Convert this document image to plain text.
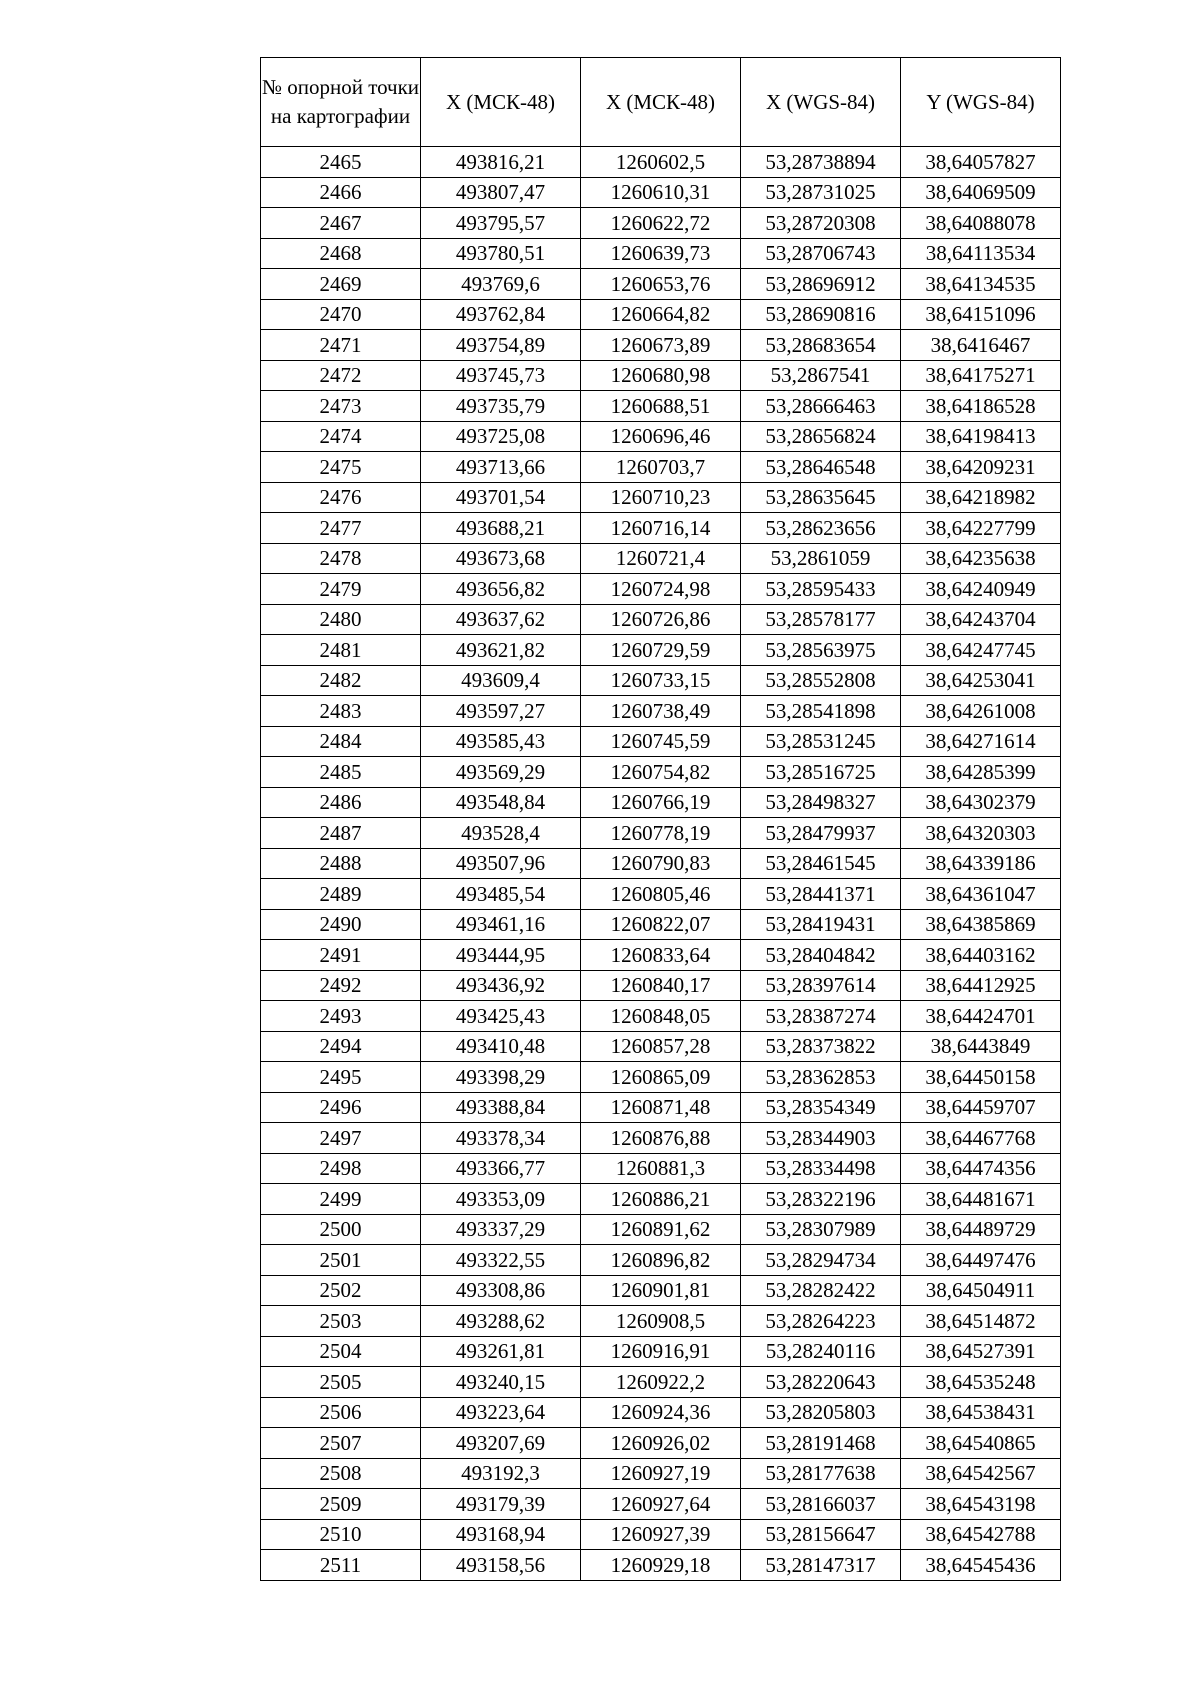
№ опорной точки на картографии	X (МСК-48)	X (МСК-48)	X (WGS-84)	Y (WGS-84)
2465	493816,21	1260602,5	53,28738894	38,64057827
2466	493807,47	1260610,31	53,28731025	38,64069509
2467	493795,57	1260622,72	53,28720308	38,64088078
2468	493780,51	1260639,73	53,28706743	38,64113534
2469	493769,6	1260653,76	53,28696912	38,64134535
2470	493762,84	1260664,82	53,28690816	38,64151096
2471	493754,89	1260673,89	53,28683654	38,6416467
2472	493745,73	1260680,98	53,2867541	38,64175271
2473	493735,79	1260688,51	53,28666463	38,64186528
2474	493725,08	1260696,46	53,28656824	38,64198413
2475	493713,66	1260703,7	53,28646548	38,64209231
2476	493701,54	1260710,23	53,28635645	38,64218982
2477	493688,21	1260716,14	53,28623656	38,64227799
2478	493673,68	1260721,4	53,2861059	38,64235638
2479	493656,82	1260724,98	53,28595433	38,64240949
2480	493637,62	1260726,86	53,28578177	38,64243704
2481	493621,82	1260729,59	53,28563975	38,64247745
2482	493609,4	1260733,15	53,28552808	38,64253041
2483	493597,27	1260738,49	53,28541898	38,64261008
2484	493585,43	1260745,59	53,28531245	38,64271614
2485	493569,29	1260754,82	53,28516725	38,64285399
2486	493548,84	1260766,19	53,28498327	38,64302379
2487	493528,4	1260778,19	53,28479937	38,64320303
2488	493507,96	1260790,83	53,28461545	38,64339186
2489	493485,54	1260805,46	53,28441371	38,64361047
2490	493461,16	1260822,07	53,28419431	38,64385869
2491	493444,95	1260833,64	53,28404842	38,64403162
2492	493436,92	1260840,17	53,28397614	38,64412925
2493	493425,43	1260848,05	53,28387274	38,64424701
2494	493410,48	1260857,28	53,28373822	38,6443849
2495	493398,29	1260865,09	53,28362853	38,64450158
2496	493388,84	1260871,48	53,28354349	38,64459707
2497	493378,34	1260876,88	53,28344903	38,64467768
2498	493366,77	1260881,3	53,28334498	38,64474356
2499	493353,09	1260886,21	53,28322196	38,64481671
2500	493337,29	1260891,62	53,28307989	38,64489729
2501	493322,55	1260896,82	53,28294734	38,64497476
2502	493308,86	1260901,81	53,28282422	38,64504911
2503	493288,62	1260908,5	53,28264223	38,64514872
2504	493261,81	1260916,91	53,28240116	38,64527391
2505	493240,15	1260922,2	53,28220643	38,64535248
2506	493223,64	1260924,36	53,28205803	38,64538431
2507	493207,69	1260926,02	53,28191468	38,64540865
2508	493192,3	1260927,19	53,28177638	38,64542567
2509	493179,39	1260927,64	53,28166037	38,64543198
2510	493168,94	1260927,39	53,28156647	38,64542788
2511	493158,56	1260929,18	53,28147317	38,64545436
